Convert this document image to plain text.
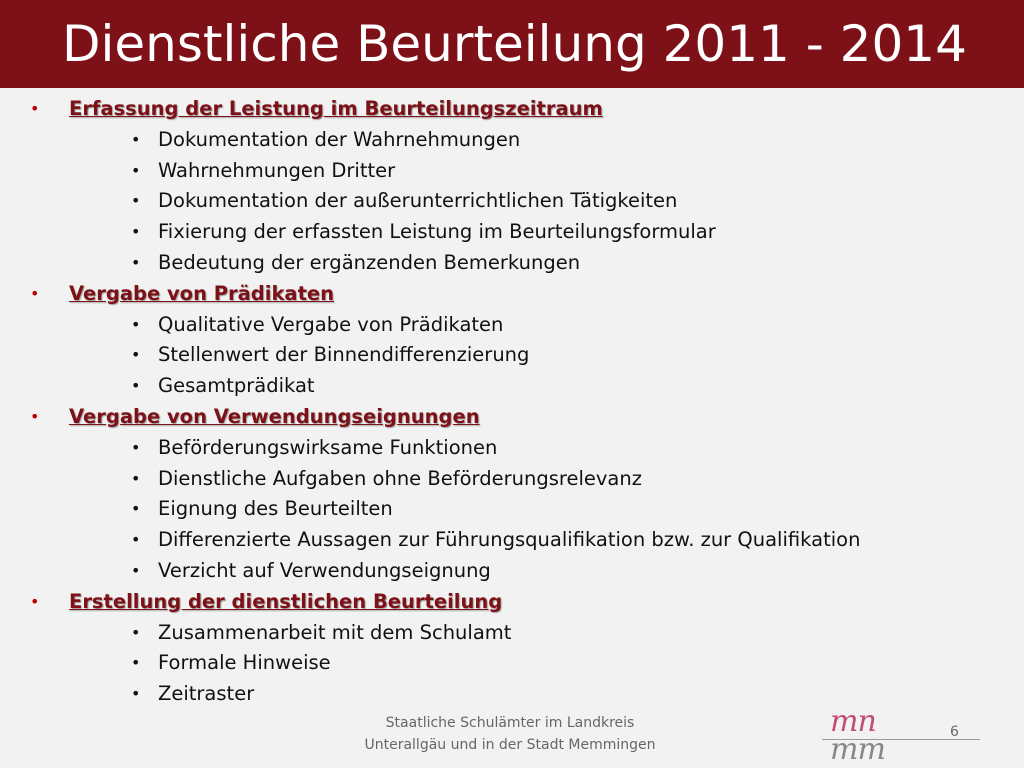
Dienstliche Beurteilung 2011 - 2014
• Erfassung der Leistung im Beurteilungszeitraum
• Dokumentation der Wahrnehmungen
• Wahrnehmungen Dritter
• Dokumentation der außerunterrichtlichen Tätigkeiten
• Fixierung der erfassten Leistung im Beurteilungsformular
• Bedeutung der ergänzenden Bemerkungen
• Vergabe von Prädikaten
• Qualitative Vergabe von Prädikaten
• Stellenwert der Binnendifferenzierung
• Gesamtprädikat
• Vergabe von Verwendungseignungen
• Beförderungswirksame Funktionen
• Dienstliche Aufgaben ohne Beförderungsrelevanz
• Eignung des Beurteilten
• Differenzierte Aussagen zur Führungsqualifikation bzw. zur Qualifikation
• Verzicht auf Verwendungseignung
• Erstellung der dienstlichen Beurteilung
• Zusammenarbeit mit dem Schulamt
• Formale Hinweise
• Zeitraster
Staatliche Schulämter im Landkreis
Unterallgäu und in der Stadt Memmingen
mn
mm	6
